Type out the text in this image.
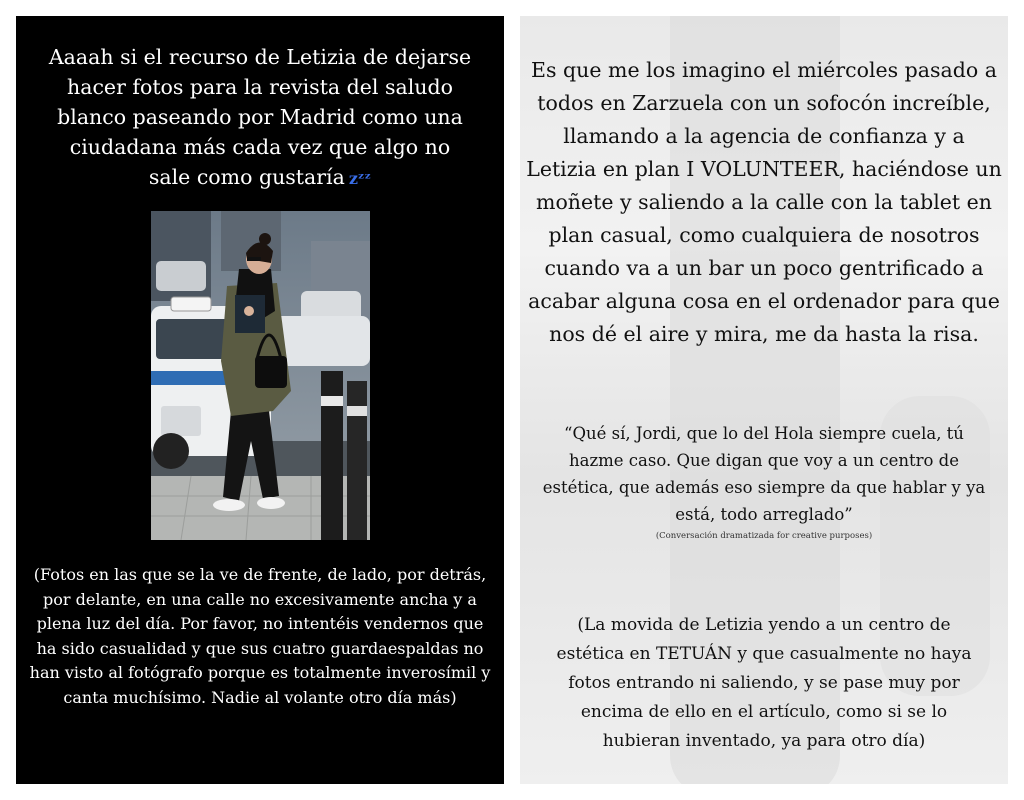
Aaaah si el recurso de Letizia de dejarse hacer fotos para la revista del saludo blanco paseando por Madrid como una ciudadana más cada vez que algo no sale como gustaría zᶻᶻ

(Fotos en las que se la ve de frente, de lado, por detrás, por delante, en una calle no excesivamente ancha y a plena luz del día. Por favor, no intentéis vendernos que ha sido casualidad y que sus cuatro guardaespaldas no han visto al fotógrafo porque es totalmente inverosímil y canta muchísimo. Nadie al volante otro día más)

Es que me los imagino el miércoles pasado a todos en Zarzuela con un sofocón increíble, llamando a la agencia de confianza y a Letizia en plan I VOLUNTEER, haciéndose un moñete y saliendo a la calle con la tablet en plan casual, como cualquiera de nosotros cuando va a un bar un poco gentrificado a acabar alguna cosa en el ordenador para que nos dé el aire y mira, me da hasta la risa.

“Qué sí, Jordi, que lo del Hola siempre cuela, tú hazme caso. Que digan que voy a un centro de estética, que además eso siempre da que hablar y ya está, todo arreglado”

(Conversación dramatizada for creative purposes)

(La movida de Letizia yendo a un centro de estética en TETUÁN y que casualmente no haya fotos entrando ni saliendo, y se pase muy por encima de ello en el artículo, como si se lo hubieran inventado, ya para otro día)
